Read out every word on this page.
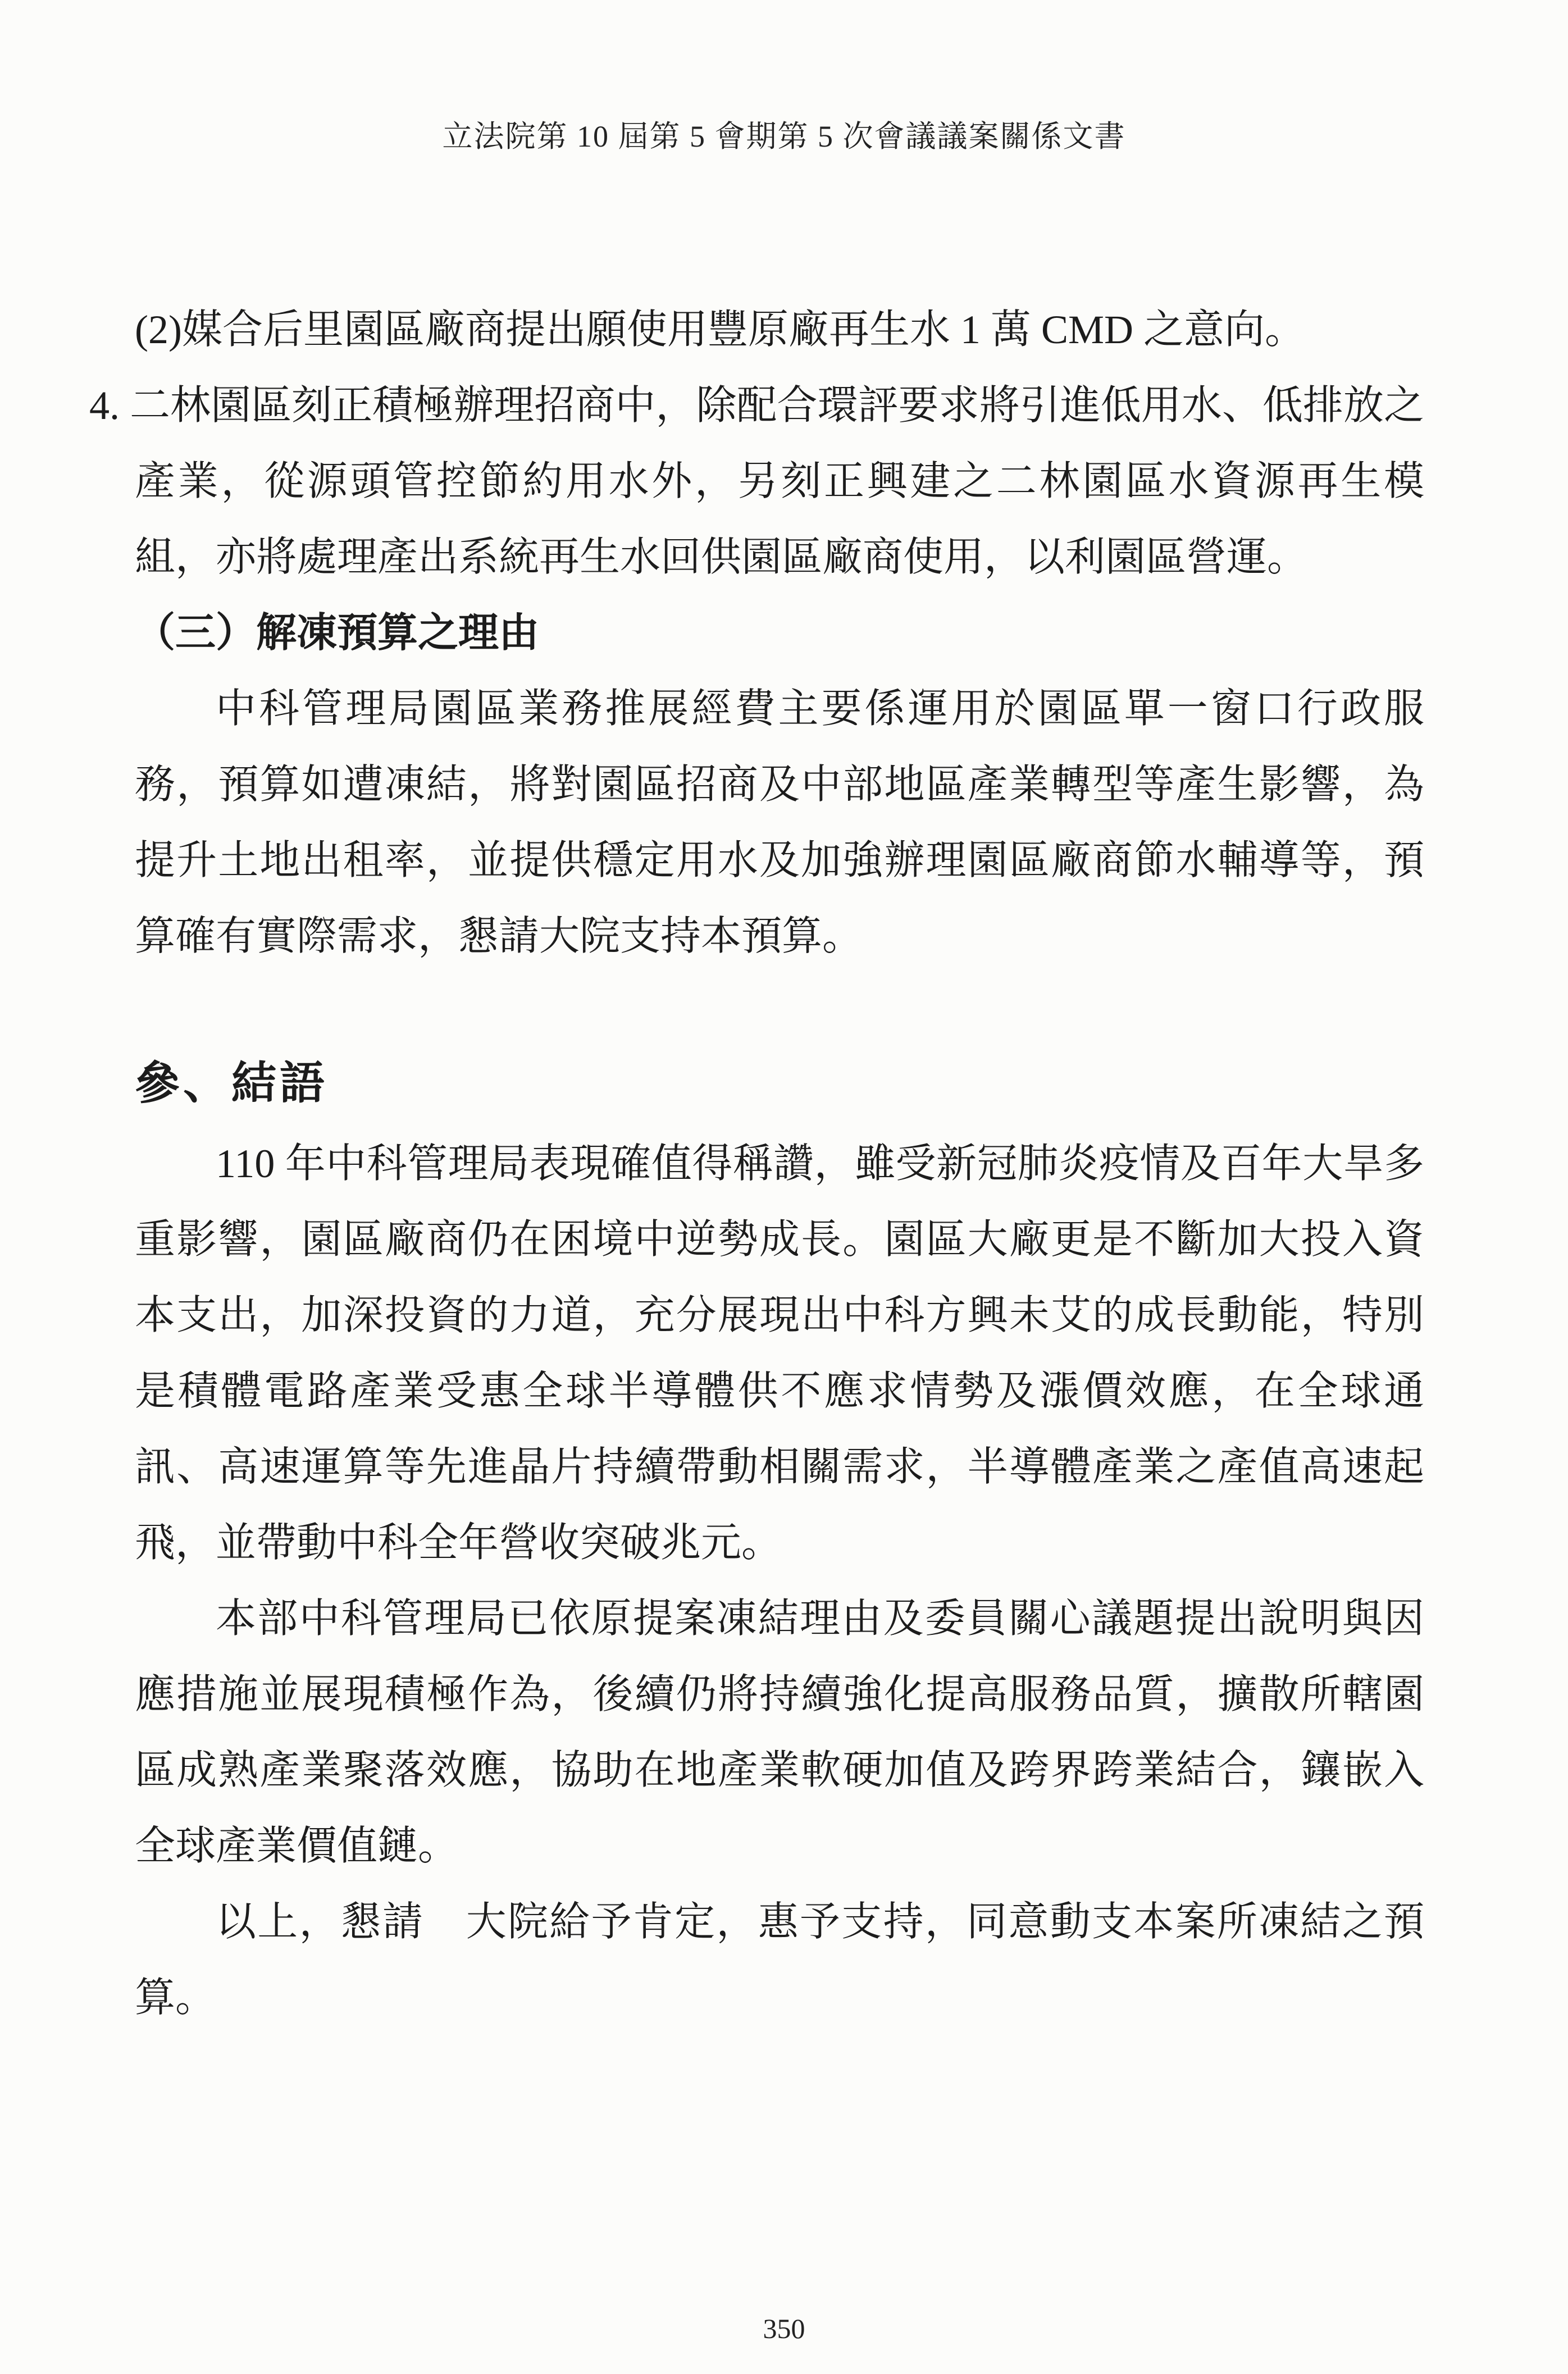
立法院第 10 屆第 5 會期第 5 次會議議案關係文書

(2)媒合后里園區廠商提出願使用豐原廠再生水 1 萬 CMD 之意向。

4. 二林園區刻正積極辦理招商中，除配合環評要求將引進低用水、低排放之產業，從源頭管控節約用水外，另刻正興建之二林園區水資源再生模組，亦將處理產出系統再生水回供園區廠商使用，以利園區營運。

（三）解凍預算之理由

中科管理局園區業務推展經費主要係運用於園區單一窗口行政服務，預算如遭凍結，將對園區招商及中部地區產業轉型等產生影響，為提升土地出租率，並提供穩定用水及加強辦理園區廠商節水輔導等，預算確有實際需求，懇請大院支持本預算。

參、結語

110 年中科管理局表現確值得稱讚，雖受新冠肺炎疫情及百年大旱多重影響，園區廠商仍在困境中逆勢成長。園區大廠更是不斷加大投入資本支出，加深投資的力道，充分展現出中科方興未艾的成長動能，特別是積體電路產業受惠全球半導體供不應求情勢及漲價效應，在全球通訊、高速運算等先進晶片持續帶動相關需求，半導體產業之產值高速起飛，並帶動中科全年營收突破兆元。

本部中科管理局已依原提案凍結理由及委員關心議題提出說明與因應措施並展現積極作為，後續仍將持續強化提高服務品質，擴散所轄園區成熟產業聚落效應，協助在地產業軟硬加值及跨界跨業結合，鑲嵌入全球產業價值鏈。

以上，懇請　大院給予肯定，惠予支持，同意動支本案所凍結之預算。

350
